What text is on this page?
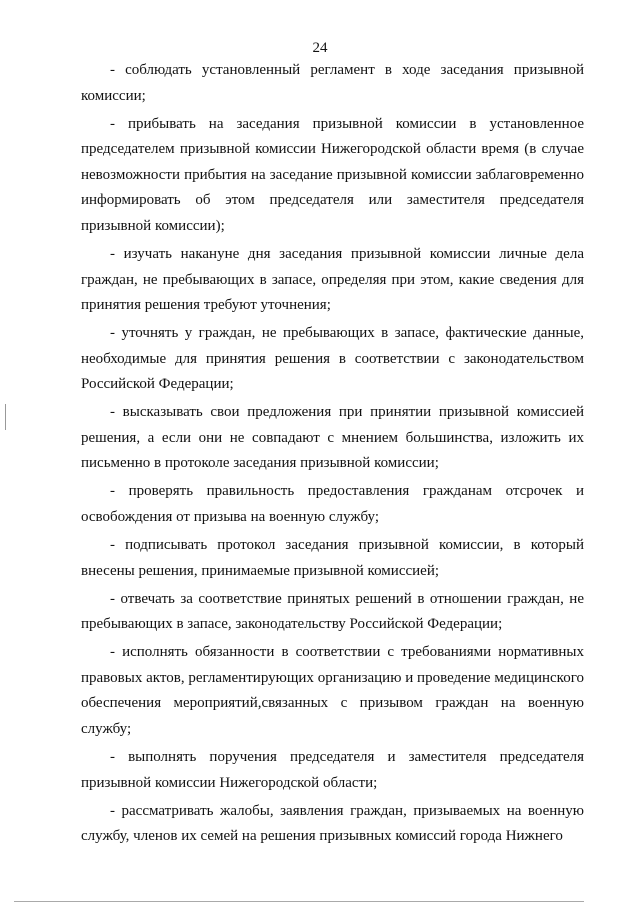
24
- соблюдать установленный регламент в ходе заседания призывной комиссии;
- прибывать на заседания призывной комиссии в установленное председателем призывной комиссии Нижегородской области время (в случае невозможности прибытия на заседание призывной комиссии заблаговременно информировать об этом председателя или заместителя председателя призывной комиссии);
- изучать накануне дня заседания призывной комиссии личные дела граждан, не пребывающих в запасе, определяя при этом, какие сведения для принятия решения требуют уточнения;
- уточнять у граждан, не пребывающих в запасе, фактические данные, необходимые для принятия решения в соответствии с законодательством Российской Федерации;
- высказывать свои предложения при принятии призывной комиссией решения, а если они не совпадают с мнением большинства, изложить их письменно в протоколе заседания призывной комиссии;
- проверять правильность предоставления гражданам отсрочек и освобождения от призыва на военную службу;
- подписывать протокол заседания призывной комиссии, в который внесены решения, принимаемые призывной комиссией;
- отвечать за соответствие принятых решений в отношении граждан, не пребывающих в запасе, законодательству Российской Федерации;
- исполнять обязанности в соответствии с требованиями нормативных правовых актов, регламентирующих организацию и проведение медицинского обеспечения мероприятий,связанных с призывом граждан на военную службу;
- выполнять поручения председателя и заместителя председателя призывной комиссии Нижегородской области;
- рассматривать жалобы, заявления граждан, призываемых на военную службу, членов их семей на решения призывных комиссий города Нижнего
